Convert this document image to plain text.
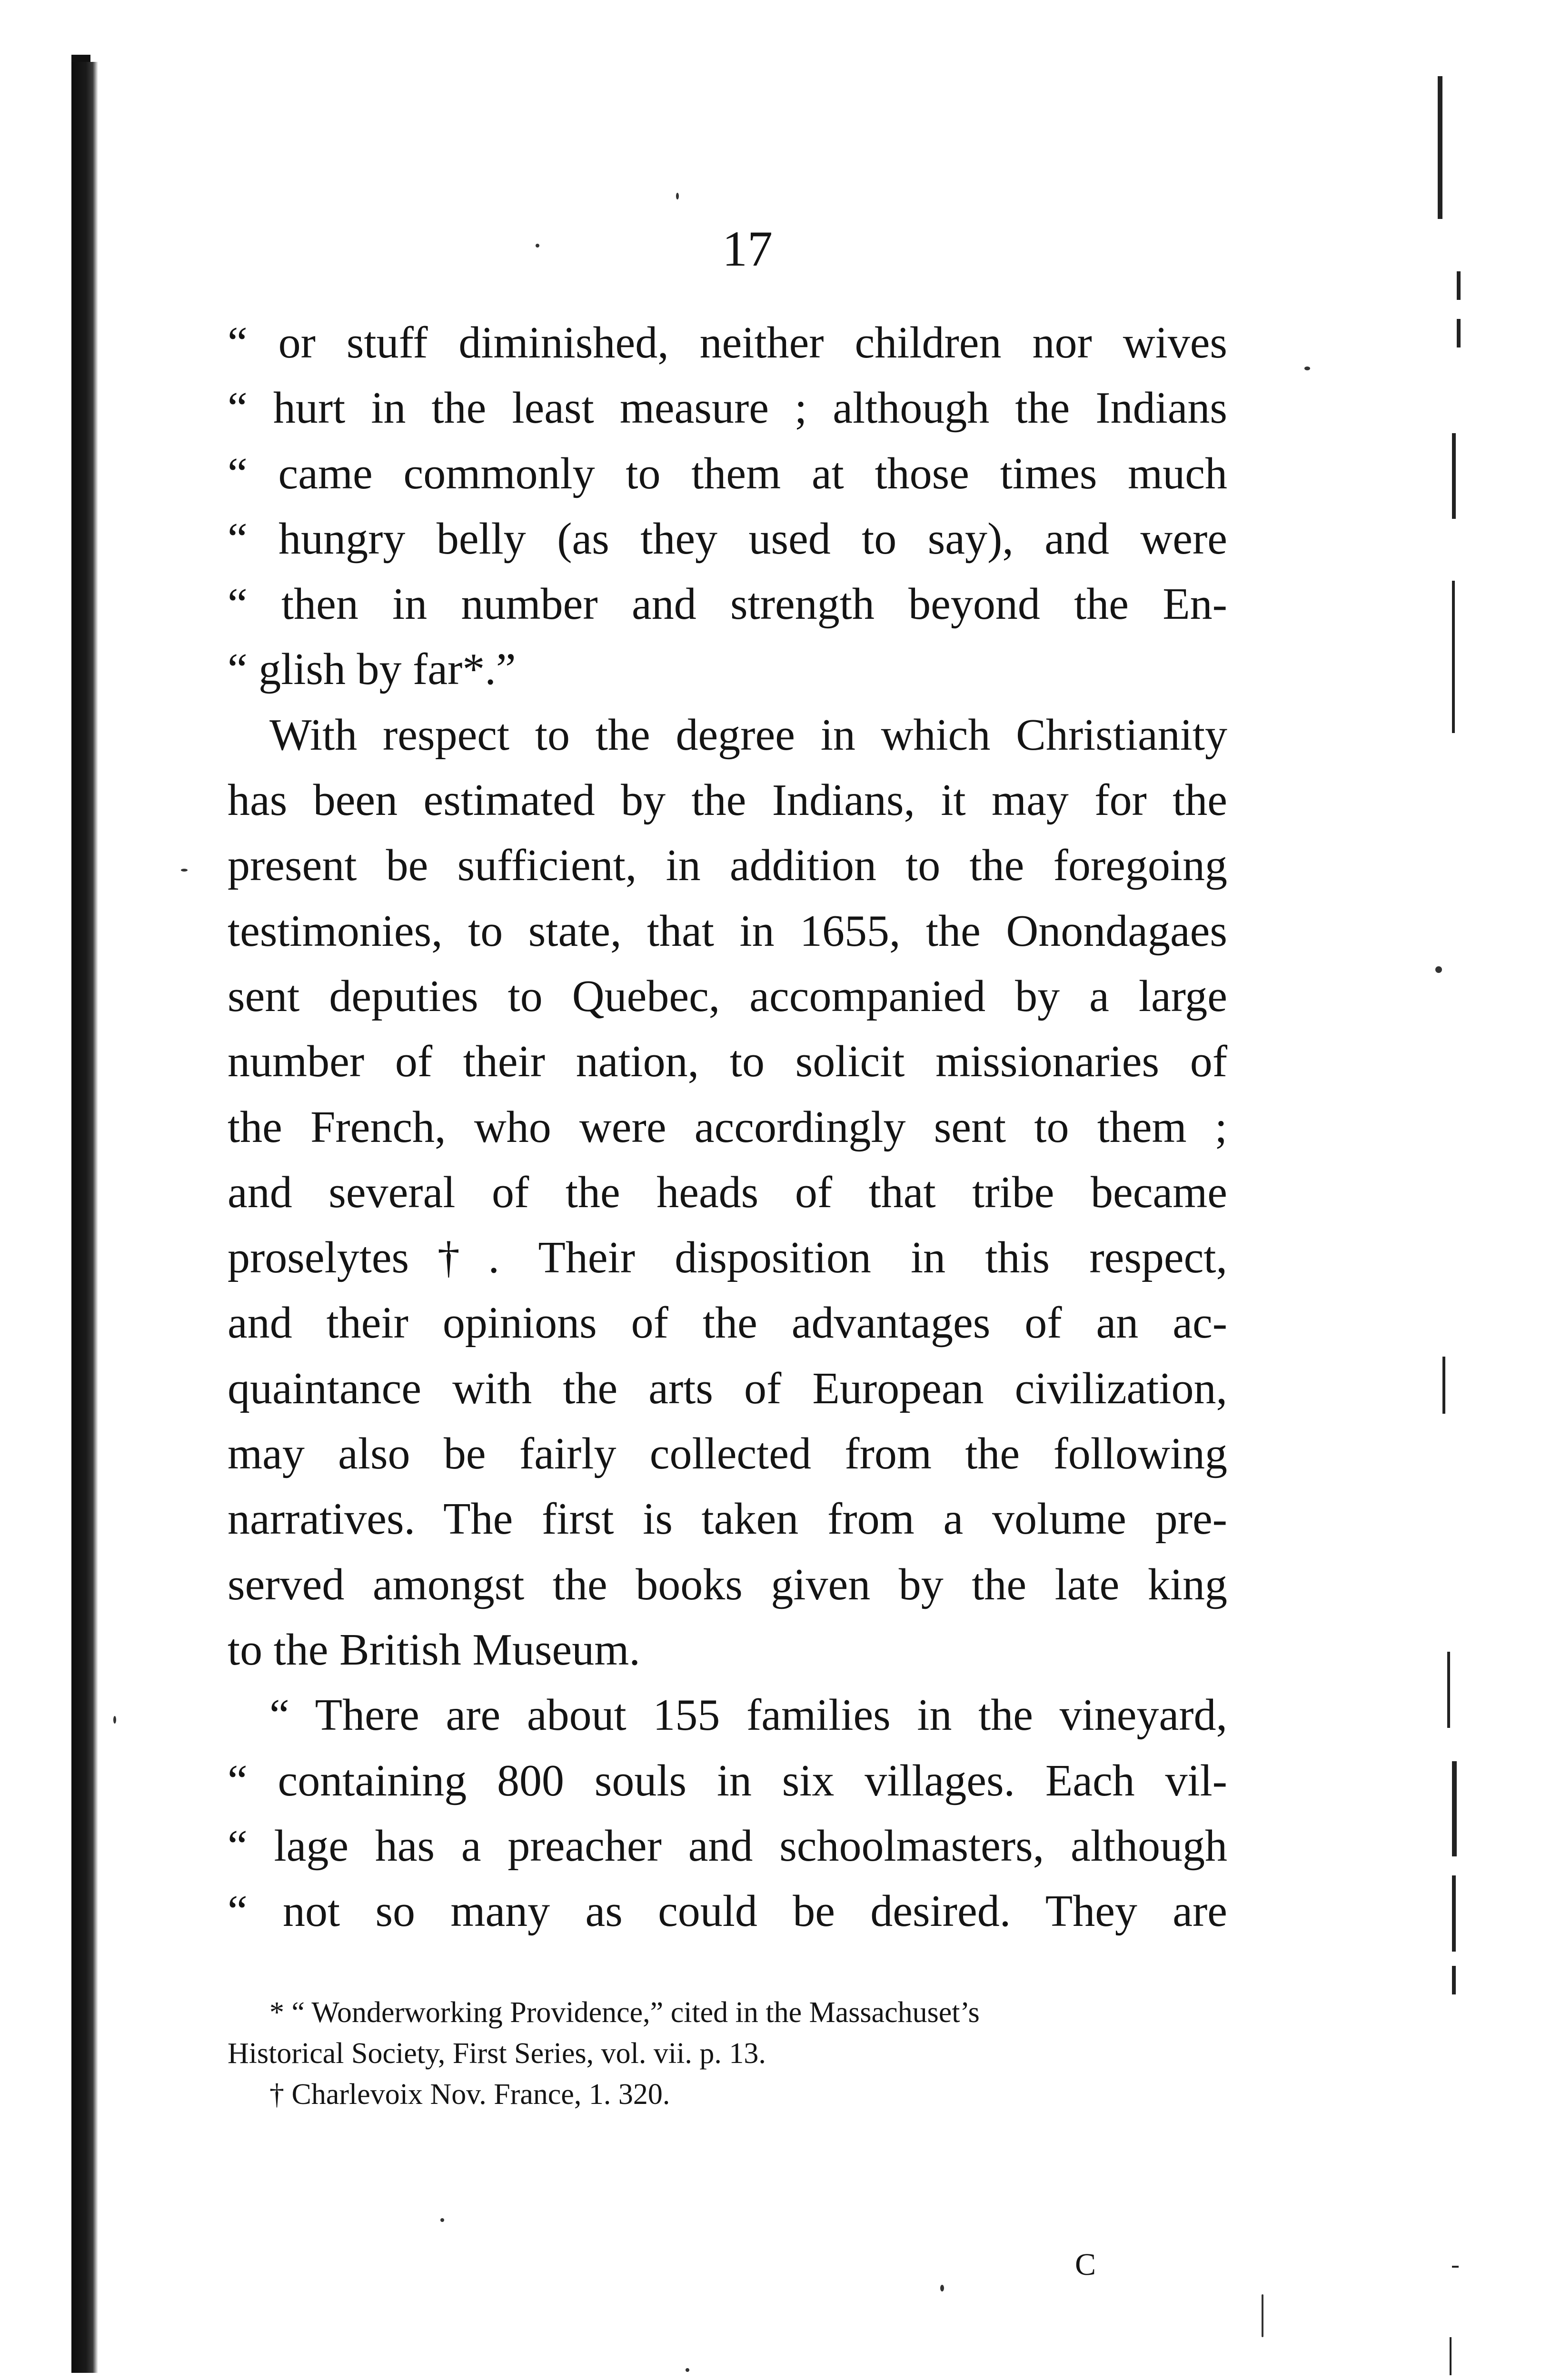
17
“ or stuff diminished, neither children nor wives
“ hurt in the least measure ; although the Indians
“ came commonly to them at those times much
“ hungry belly (as they used to say), and were
“ then in number and strength beyond the En-
“ glish by far*.”
With respect to the degree in which Christianity
has been estimated by the Indians, it may for the
present be sufficient, in addition to the foregoing
testimonies, to state, that in 1655, the Onondagaes
sent deputies to Quebec, accompanied by a large
number of their nation, to solicit missionaries of
the French, who were accordingly sent to them ;
and several of the heads of that tribe became
proselytes†. Their disposition in this respect,
and their opinions of the advantages of an ac-
quaintance with the arts of European civilization,
may also be fairly collected from the following
narratives. The first is taken from a volume pre-
served amongst the books given by the late king
to the British Museum.
“ There are about 155 families in the vineyard,
“ containing 800 souls in six villages. Each vil-
“ lage has a preacher and schoolmasters, although
“ not so many as could be desired. They are
* “ Wonderworking Providence,” cited in the Massachuset’s
Historical Society, First Series, vol. vii. p. 13.
† Charlevoix Nov. France, 1. 320.
C
